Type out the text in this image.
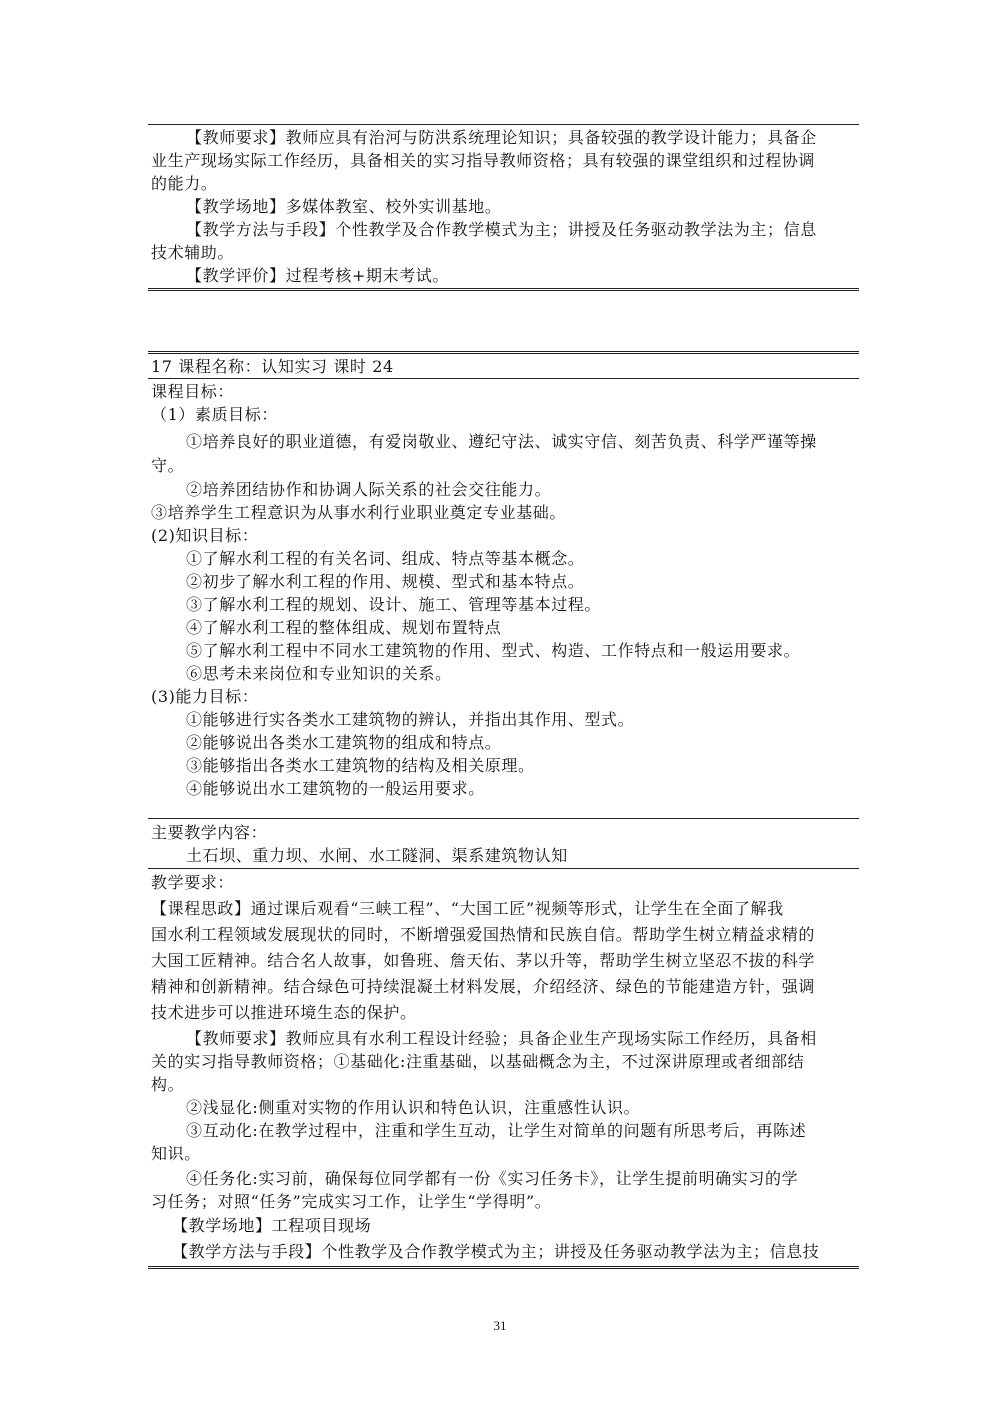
【教师要求】教师应具有治河与防洪系统理论知识；具备较强的教学设计能力；具备企
业生产现场实际工作经历，具备相关的实习指导教师资格；具有较强的课堂组织和过程协调
的能力。
【教学场地】多媒体教室、校外实训基地。
【教学方法与手段】个性教学及合作教学模式为主；讲授及任务驱动教学法为主；信息
技术辅助。
【教学评价】过程考核+期末考试。
17 课程名称：认知实习 课时 24
课程目标：
（1）素质目标：
①培养良好的职业道德，有爱岗敬业、遵纪守法、诚实守信、刻苦负责、科学严谨等操
守。
②培养团结协作和协调人际关系的社会交往能力。
③培养学生工程意识为从事水利行业职业奠定专业基础。
(2)知识目标：
①了解水利工程的有关名词、组成、特点等基本概念。
②初步了解水利工程的作用、规模、型式和基本特点。
③了解水利工程的规划、设计、施工、管理等基本过程。
④了解水利工程的整体组成、规划布置特点
⑤了解水利工程中不同水工建筑物的作用、型式、构造、工作特点和一般运用要求。
⑥思考未来岗位和专业知识的关系。
(3)能力目标：
①能够进行实各类水工建筑物的辨认，并指出其作用、型式。
②能够说出各类水工建筑物的组成和特点。
③能够指出各类水工建筑物的结构及相关原理。
④能够说出水工建筑物的一般运用要求。
主要教学内容：
土石坝、重力坝、水闸、水工隧洞、渠系建筑物认知
教学要求：
【课程思政】通过课后观看“三峡工程”、“大国工匠”视频等形式，让学生在全面了解我
国水利工程领域发展现状的同时，不断增强爱国热情和民族自信。帮助学生树立精益求精的
大国工匠精神。结合名人故事，如鲁班、詹天佑、茅以升等，帮助学生树立坚忍不拔的科学
精神和创新精神。结合绿色可持续混凝土材料发展，介绍经济、绿色的节能建造方针，强调
技术进步可以推进环境生态的保护。
【教师要求】教师应具有水利工程设计经验；具备企业生产现场实际工作经历，具备相
关的实习指导教师资格；①基础化:注重基础，以基础概念为主，不过深讲原理或者细部结
构。
②浅显化:侧重对实物的作用认识和特色认识，注重感性认识。
③互动化:在教学过程中，注重和学生互动，让学生对简单的问题有所思考后，再陈述
知识。
④任务化:实习前，确保每位同学都有一份《实习任务卡》，让学生提前明确实习的学
习任务；对照“任务”完成实习工作，让学生“学得明”。
【教学场地】工程项目现场
【教学方法与手段】个性教学及合作教学模式为主；讲授及任务驱动教学法为主；信息技
31
